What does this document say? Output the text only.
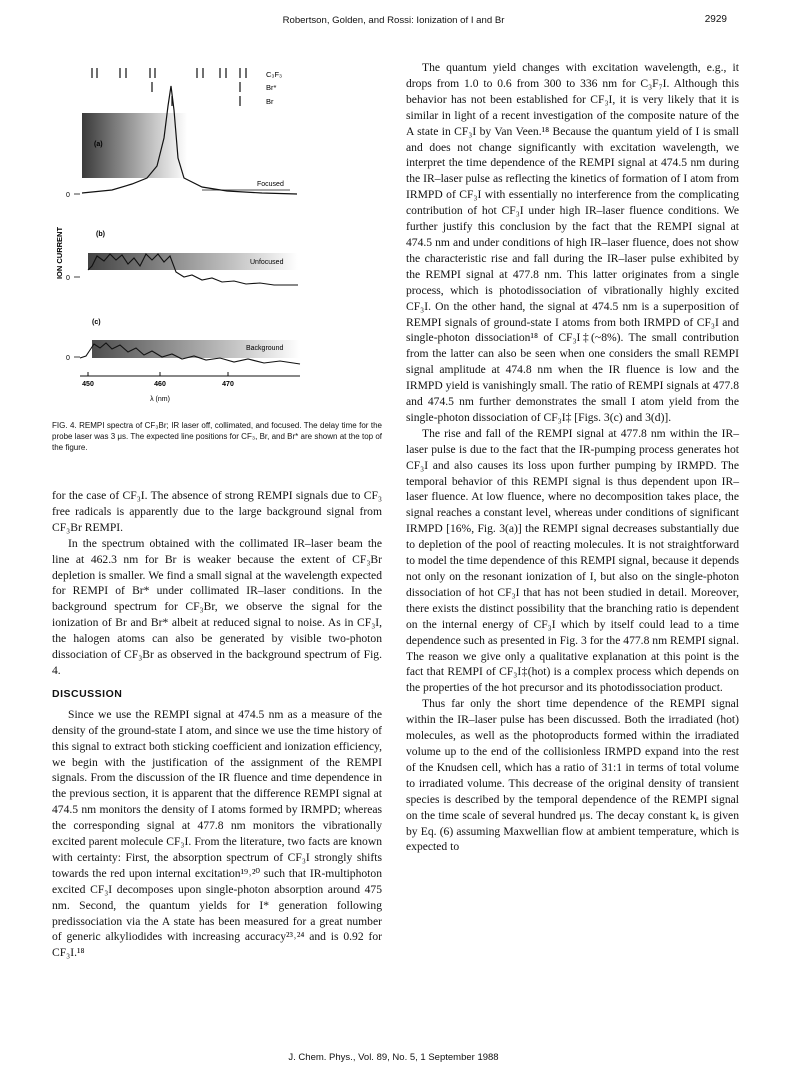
Robertson, Golden, and Rossi: Ionization of I and Br	2929
C₃F₃
Br*
Br
ION CURRENT
(a)
Focused
0
(b)
Unfocused
0
(c)
Background
0
450	460	470
λ (nm)
FIG. 4. REMPI spectra of CF₃Br; IR laser off, collimated, and focused. The delay time for the probe laser was 3 μs. The expected line positions for CF₃, Br, and Br* are shown at the top of the figure.

for the case of CF₃I. The absence of strong REMPI signals due to CF₃ free radicals is apparently due to the large background signal from CF₃Br REMPI.

In the spectrum obtained with the collimated IR–laser beam the line at 462.3 nm for Br is weaker because the extent of CF₃Br depletion is smaller. We find a small signal at the wavelength expected for REMPI of Br* under collimated IR–laser conditions. In the background spectrum for CF₃Br, we observe the signal for the ionization of Br and Br* albeit at reduced signal to noise. As in CF₃I, the halogen atoms can also be generated by visible two-photon dissociation of CF₃Br as observed in the background spectrum of Fig. 4.

DISCUSSION

Since we use the REMPI signal at 474.5 nm as a measure of the density of the ground-state I atom, and since we use the time history of this signal to extract both sticking coefficient and ionization efficiency, we begin with the justification of the assignment of the REMPI signals. From the discussion of the IR fluence and time dependence in the previous section, it is apparent that the difference REMPI signal at 474.5 nm monitors the density of I atoms formed by IRMPD; whereas the corresponding signal at 477.8 nm monitors the vibrationally excited parent molecule CF₃I. From the literature, two facts are known with certainty: First, the absorption spectrum of CF₃I strongly shifts towards the red upon internal excitation¹⁹˒²⁰ such that IR-multiphoton excited CF₃I decomposes upon single-photon absorption around 475 nm. Second, the quantum yields for I* generation following predissociation via the A state has been measured for a great number of generic alkyliodides with increasing accuracy²³˒²⁴ and is 0.92 for CF₃I.¹⁸

The quantum yield changes with excitation wavelength, e.g., it drops from 1.0 to 0.6 from 300 to 336 nm for C₃F₇I. Although this behavior has not been established for CF₃I, it is very likely that it is similar in light of a recent investigation of the composite nature of the A state in CF₃I by Van Veen.¹⁸ Because the quantum yield of I is small and does not change significantly with excitation wavelength, we interpret the time dependence of the REMPI signal at 474.5 nm during the IR–laser pulse as reflecting the kinetics of formation of I atom from IRMPD of CF₃I with essentially no interference from the complicating contribution of hot CF₃I under high IR–laser fluence conditions. We further justify this conclusion by the fact that the REMPI signal at 474.5 nm and under conditions of high IR–laser fluence, does not show the characteristic rise and fall during the IR–laser pulse exhibited by the REMPI signal at 477.8 nm. This latter originates from a single process, which is photodissociation of vibrationally highly excited CF₃I. On the other hand, the signal at 474.5 nm is a superposition of REMPI signals of ground-state I atoms from both IRMPD of CF₃I and single-photon dissociation¹⁸ of CF₃I‡(~8%). The small contribution from the latter can also be seen when one considers the small REMPI signal amplitude at 474.8 nm when the IR fluence is low and the IRMPD yield is vanishingly small. The ratio of REMPI signals at 477.8 and 474.5 nm further demonstrates the small I atom yield from the single-photon dissociation of CF₃I‡ [Figs. 3(c) and 3(d)].

The rise and fall of the REMPI signal at 477.8 nm within the IR–laser pulse is due to the fact that the IR-pumping process generates hot CF₃I and also causes its loss upon further pumping by IRMPD. The temporal behavior of this REMPI signal is thus dependent upon IR–laser fluence. At low fluence, where no decomposition takes place, the signal reaches a constant level, whereas under conditions of significant IRMPD [16%, Fig. 3(a)] the REMPI signal decreases substantially due to depletion of the pool of reacting molecules. It is not straightforward to model the time dependence of this REMPI signal, because it depends not only on the resonant ionization of I, but also on the single-photon dissociation of hot CF₃I that has not been studied in detail. Moreover, there exists the distinct possibility that the branching ratio is dependent on the internal energy of CF₃I which by itself could lead to a time dependence such as presented in Fig. 3 for the 477.8 nm REMPI signal. The reason we give only a qualitative explanation at this point is the fact that REMPI of CF₃I‡(hot) is a complex process which depends on the properties of the hot precursor and its photodissociation product.

Thus far only the short time dependence of the REMPI signal within the IR–laser pulse has been discussed. Both the irradiated (hot) molecules, as well as the photoproducts formed within the irradiated volume up to the end of the collisionless IRMPD expand into the rest of the Knudsen cell, which has a ratio of 31:1 in terms of total volume to irradiated volume. This decrease of the original density of transient species is described by the temporal dependence of the REMPI signal on the time scale of several hundred μs. The decay constant kₐ is given by Eq. (6) assuming Maxwellian flow at ambient temperature, which is expected to

J. Chem. Phys., Vol. 89, No. 5, 1 September 1988
